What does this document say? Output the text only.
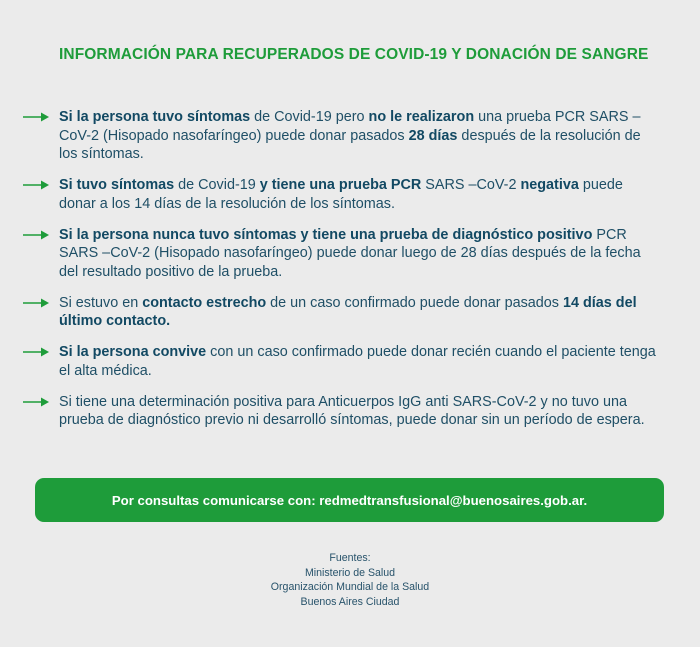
INFORMACIÓN PARA RECUPERADOS DE COVID-19 Y DONACIÓN DE SANGRE
Si la persona tuvo síntomas de Covid-19 pero no le realizaron una prueba PCR SARS –CoV-2 (Hisopado nasofaríngeo) puede donar pasados 28 días después de la resolución de los síntomas.
Si tuvo síntomas de Covid-19 y tiene una prueba PCR SARS –CoV-2 negativa puede donar a los 14 días de la resolución de los síntomas.
Si la persona nunca tuvo síntomas y tiene una prueba de diagnóstico positivo PCR SARS –CoV-2 (Hisopado nasofaríngeo) puede donar luego de 28 días después de la fecha del resultado positivo de la prueba.
Si estuvo en contacto estrecho de un caso confirmado puede donar pasados 14 días del último contacto.
Si la persona convive con un caso confirmado puede donar recién cuando el paciente tenga el alta médica.
Si tiene una determinación positiva para Anticuerpos IgG anti SARS-CoV-2 y no tuvo una prueba de diagnóstico previo ni desarrolló síntomas, puede donar sin un período de espera.
Por consultas comunicarse con: redmedtransfusional@buenosaires.gob.ar.
Fuentes:
Ministerio de Salud
Organización Mundial de la Salud
Buenos Aires Ciudad
